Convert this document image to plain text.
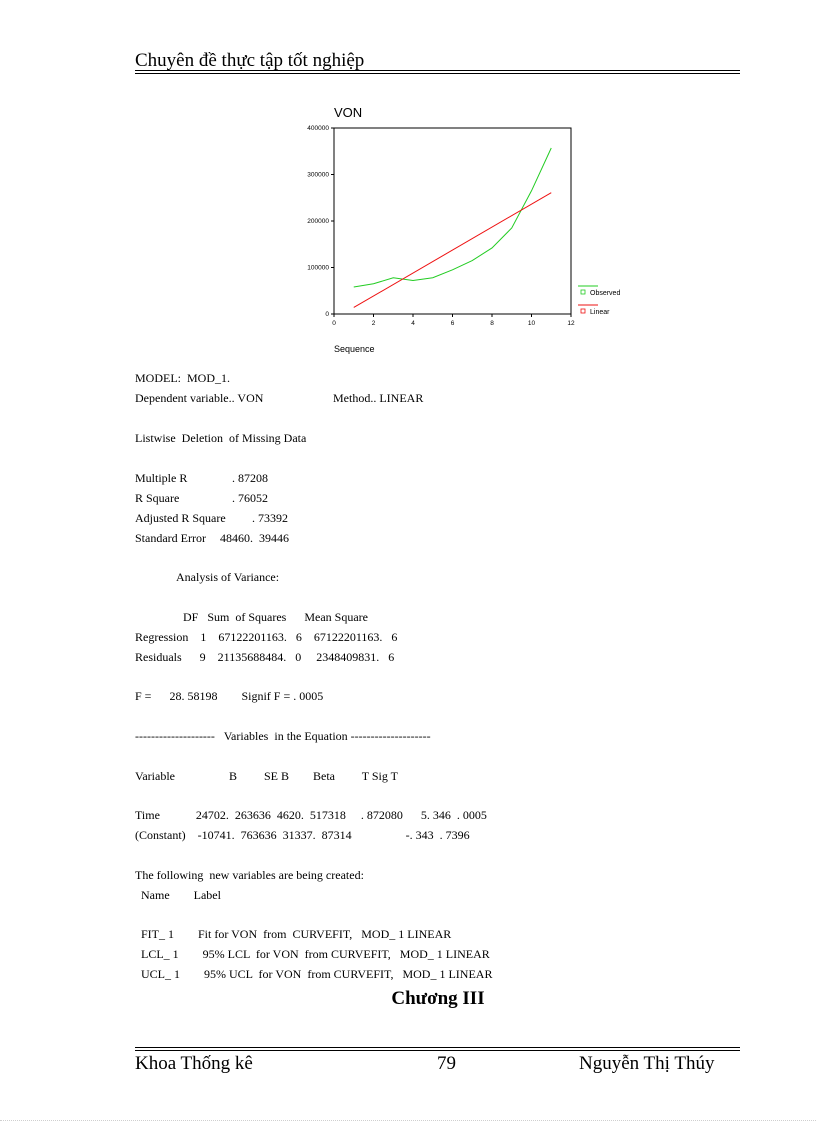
Chuyên đề thực tập tốt nghiệp
VON
0
100000
200000
300000
400000
0	2	4	6	8	10	12
Sequence
Observed
Linear
MODEL:  MOD_1.
Dependent variable.. VON	Method.. LINEAR
Listwise  Deletion  of Missing Data
Multiple R	. 87208
R Square	. 76052
Adjusted R Square . 73392
Standard Error 48460.  39446
Analysis of Variance:
DF   Sum  of Squares      Mean Square
Regression    1    67122201163.   6    67122201163.   6
Residuals      9    21135688484.   0     2348409831.   6
F =      28. 58198        Signif F = . 0005
--------------------   Variables  in the Equation --------------------
Variable                  B         SE B        Beta         T Sig T
Time            24702.  263636  4620.  517318     . 872080      5. 346  . 0005
(Constant)    -10741.  763636  31337.  87314                  -. 343  . 7396
The following  new variables are being created:
Name        Label
FIT_ 1        Fit for VON  from  CURVEFIT,   MOD_ 1 LINEAR
LCL_ 1        95% LCL  for VON  from CURVEFIT,   MOD_ 1 LINEAR
UCL_ 1        95% UCL  for VON  from CURVEFIT,   MOD_ 1 LINEAR
Chương III
Khoa Thống kê	79	Nguyễn Thị Thúy
